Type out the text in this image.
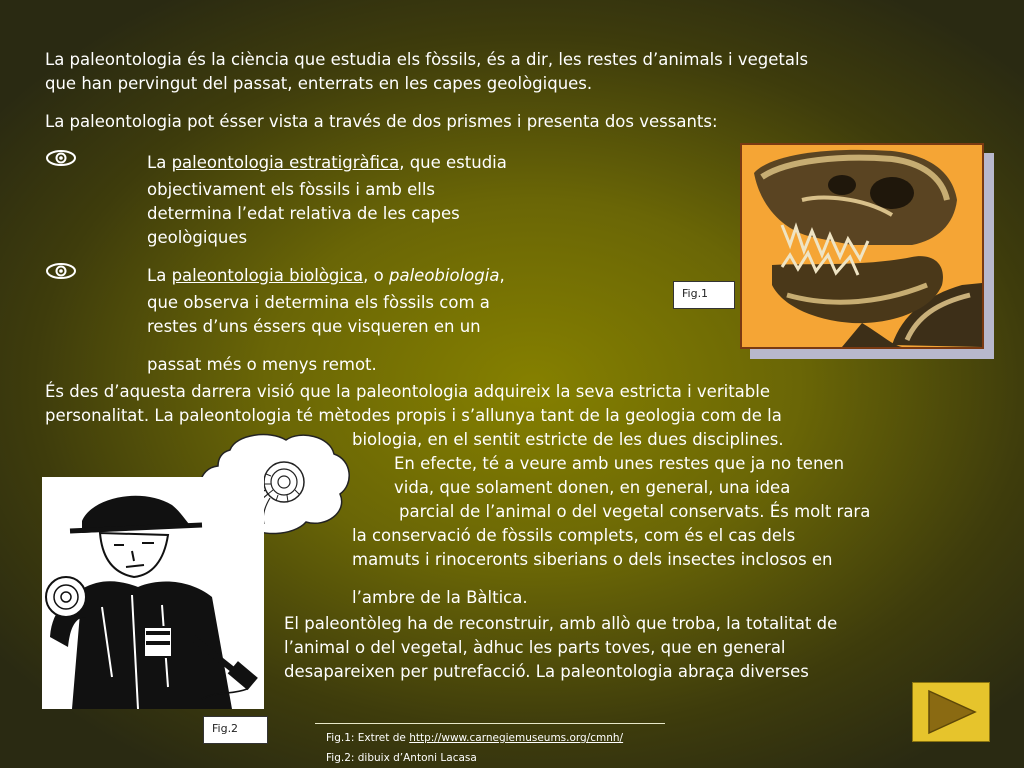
La paleontologia és la ciència que estudia els fòssils, és a dir, les restes d’animals i vegetals
que han pervingut del passat, enterrats en les capes geològiques.
La paleontologia pot ésser vista a través de dos prismes i presenta dos vessants:
La paleontologia estratigràfica, que estudia
objectivament els fòssils i amb ells
determina l’edat relativa de les capes
geològiques
La paleontologia biològica, o paleobiologia,
que observa i determina els fòssils com a
restes d’uns éssers que visqueren en un
passat més o menys remot.
Fig.1
És des d’aquesta darrera visió que la paleontologia adquireix la seva estricta i veritable
personalitat. La paleontologia té mètodes propis i s’allunya tant de la geologia com de la
biologia, en el sentit estricte de les dues disciplines.
En efecte, té a veure amb unes restes que ja no tenen
vida, que solament donen, en general, una idea
parcial de l’animal o del vegetal conservats. És molt rara
la conservació de fòssils complets, com és el cas dels
mamuts i rinoceronts siberians o dels insectes inclosos en
l’ambre de la Bàltica.
El paleontòleg ha de reconstruir, amb allò que troba, la totalitat de
l’animal o del vegetal, àdhuc les parts toves, que en general
desapareixen per putrefacció. La paleontologia abraça diverses
Fig.2
Fig.1: Extret de http://www.carnegiemuseums.org/cmnh/
Fig.2: dibuix d’Antoni Lacasa
